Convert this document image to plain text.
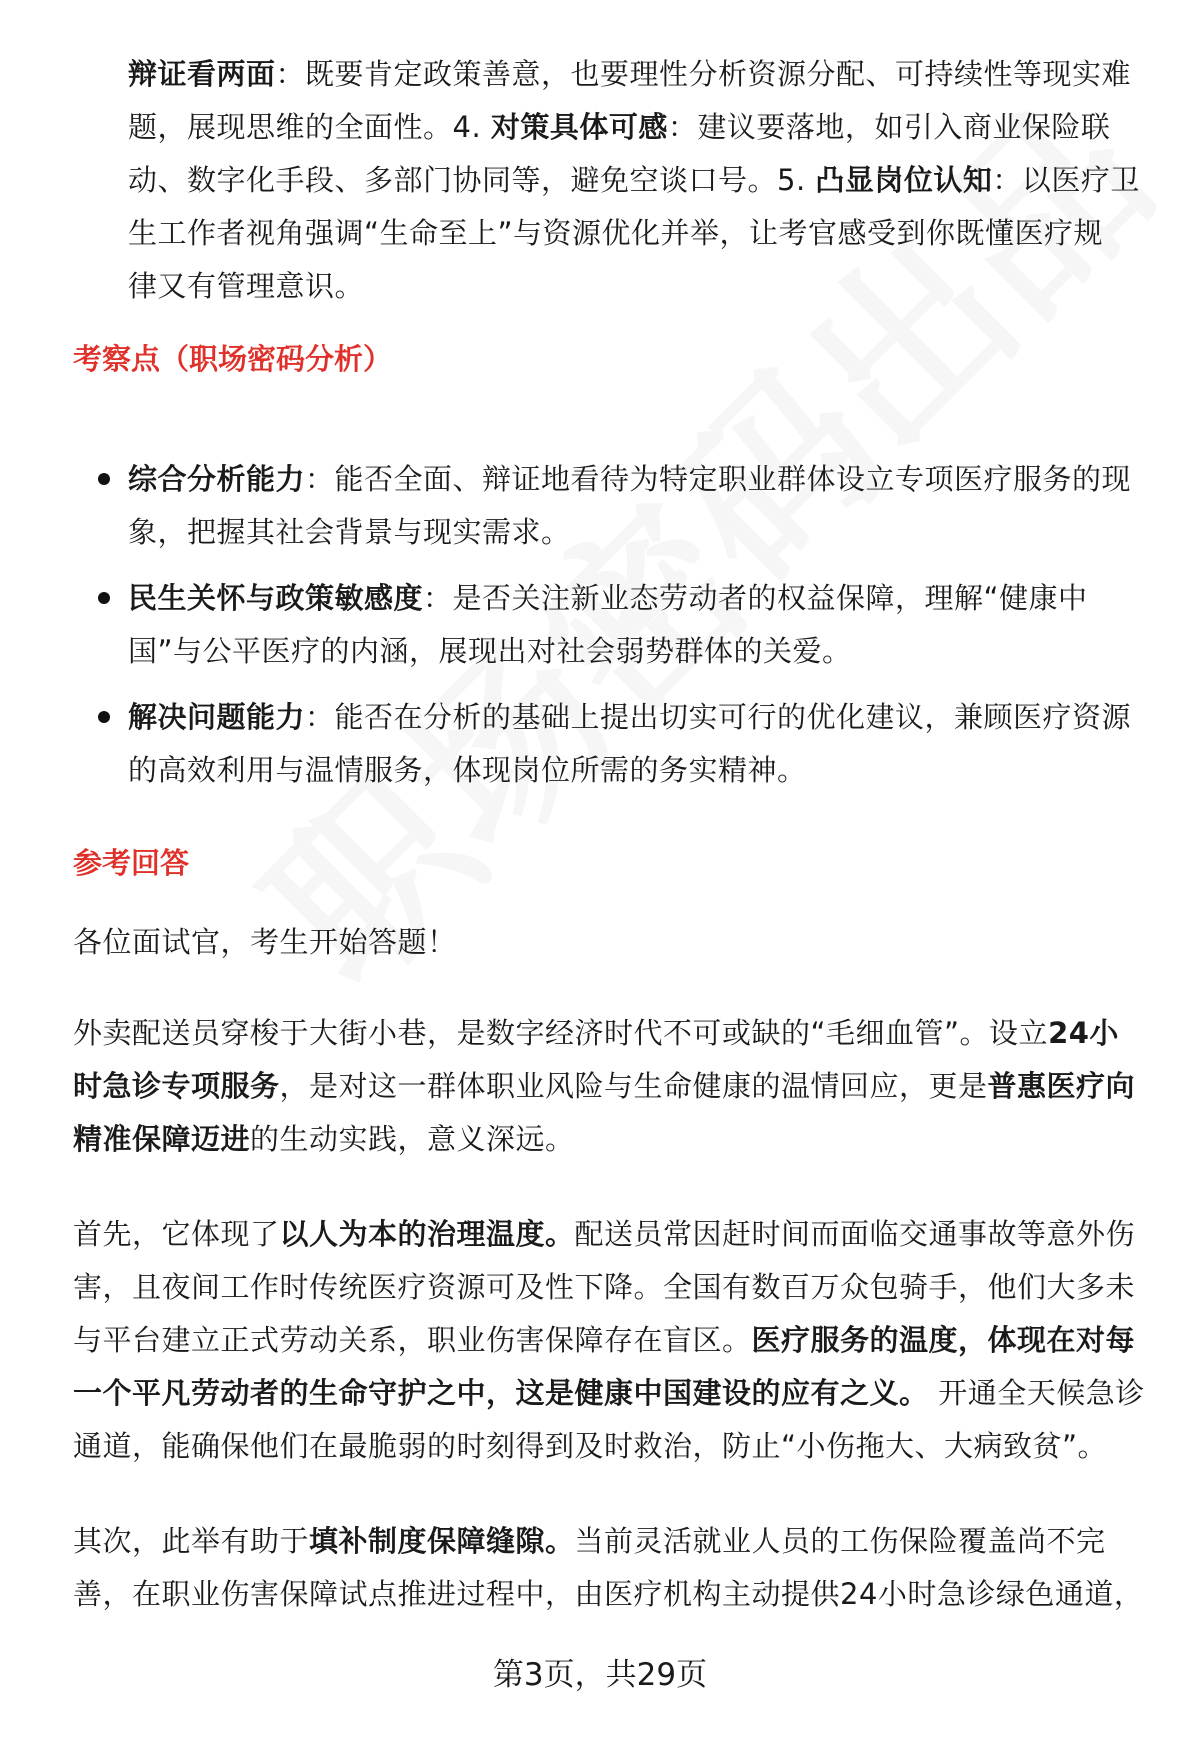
辩证看两面：既要肯定政策善意，也要理性分析资源分配、可持续性等现实难
题，展现思维的全面性。4. 对策具体可感：建议要落地，如引入商业保险联
动、数字化手段、多部门协同等，避免空谈口号。5. 凸显岗位认知：以医疗卫
生工作者视角强调“生命至上”与资源优化并举，让考官感受到你既懂医疗规
律又有管理意识。
考察点（职场密码分析）
综合分析能力：能否全面、辩证地看待为特定职业群体设立专项医疗服务的现
象，把握其社会背景与现实需求。
民生关怀与政策敏感度：是否关注新业态劳动者的权益保障，理解“健康中
国”与公平医疗的内涵，展现出对社会弱势群体的关爱。
解决问题能力：能否在分析的基础上提出切实可行的优化建议，兼顾医疗资源
的高效利用与温情服务，体现岗位所需的务实精神。
参考回答
各位面试官，考生开始答题！
外卖配送员穿梭于大街小巷，是数字经济时代不可或缺的“毛细血管”。设立24小
时急诊专项服务，是对这一群体职业风险与生命健康的温情回应，更是普惠医疗向
精准保障迈进的生动实践，意义深远。
首先，它体现了以人为本的治理温度。配送员常因赶时间而面临交通事故等意外伤
害，且夜间工作时传统医疗资源可及性下降。全国有数百万众包骑手，他们大多未
与平台建立正式劳动关系，职业伤害保障存在盲区。医疗服务的温度，体现在对每
一个平凡劳动者的生命守护之中，这是健康中国建设的应有之义。 开通全天候急诊
通道，能确保他们在最脆弱的时刻得到及时救治，防止“小伤拖大、大病致贫”。
其次，此举有助于填补制度保障缝隙。当前灵活就业人员的工伤保险覆盖尚不完
善，在职业伤害保障试点推进过程中，由医疗机构主动提供24小时急诊绿色通道，
第3页，共29页
